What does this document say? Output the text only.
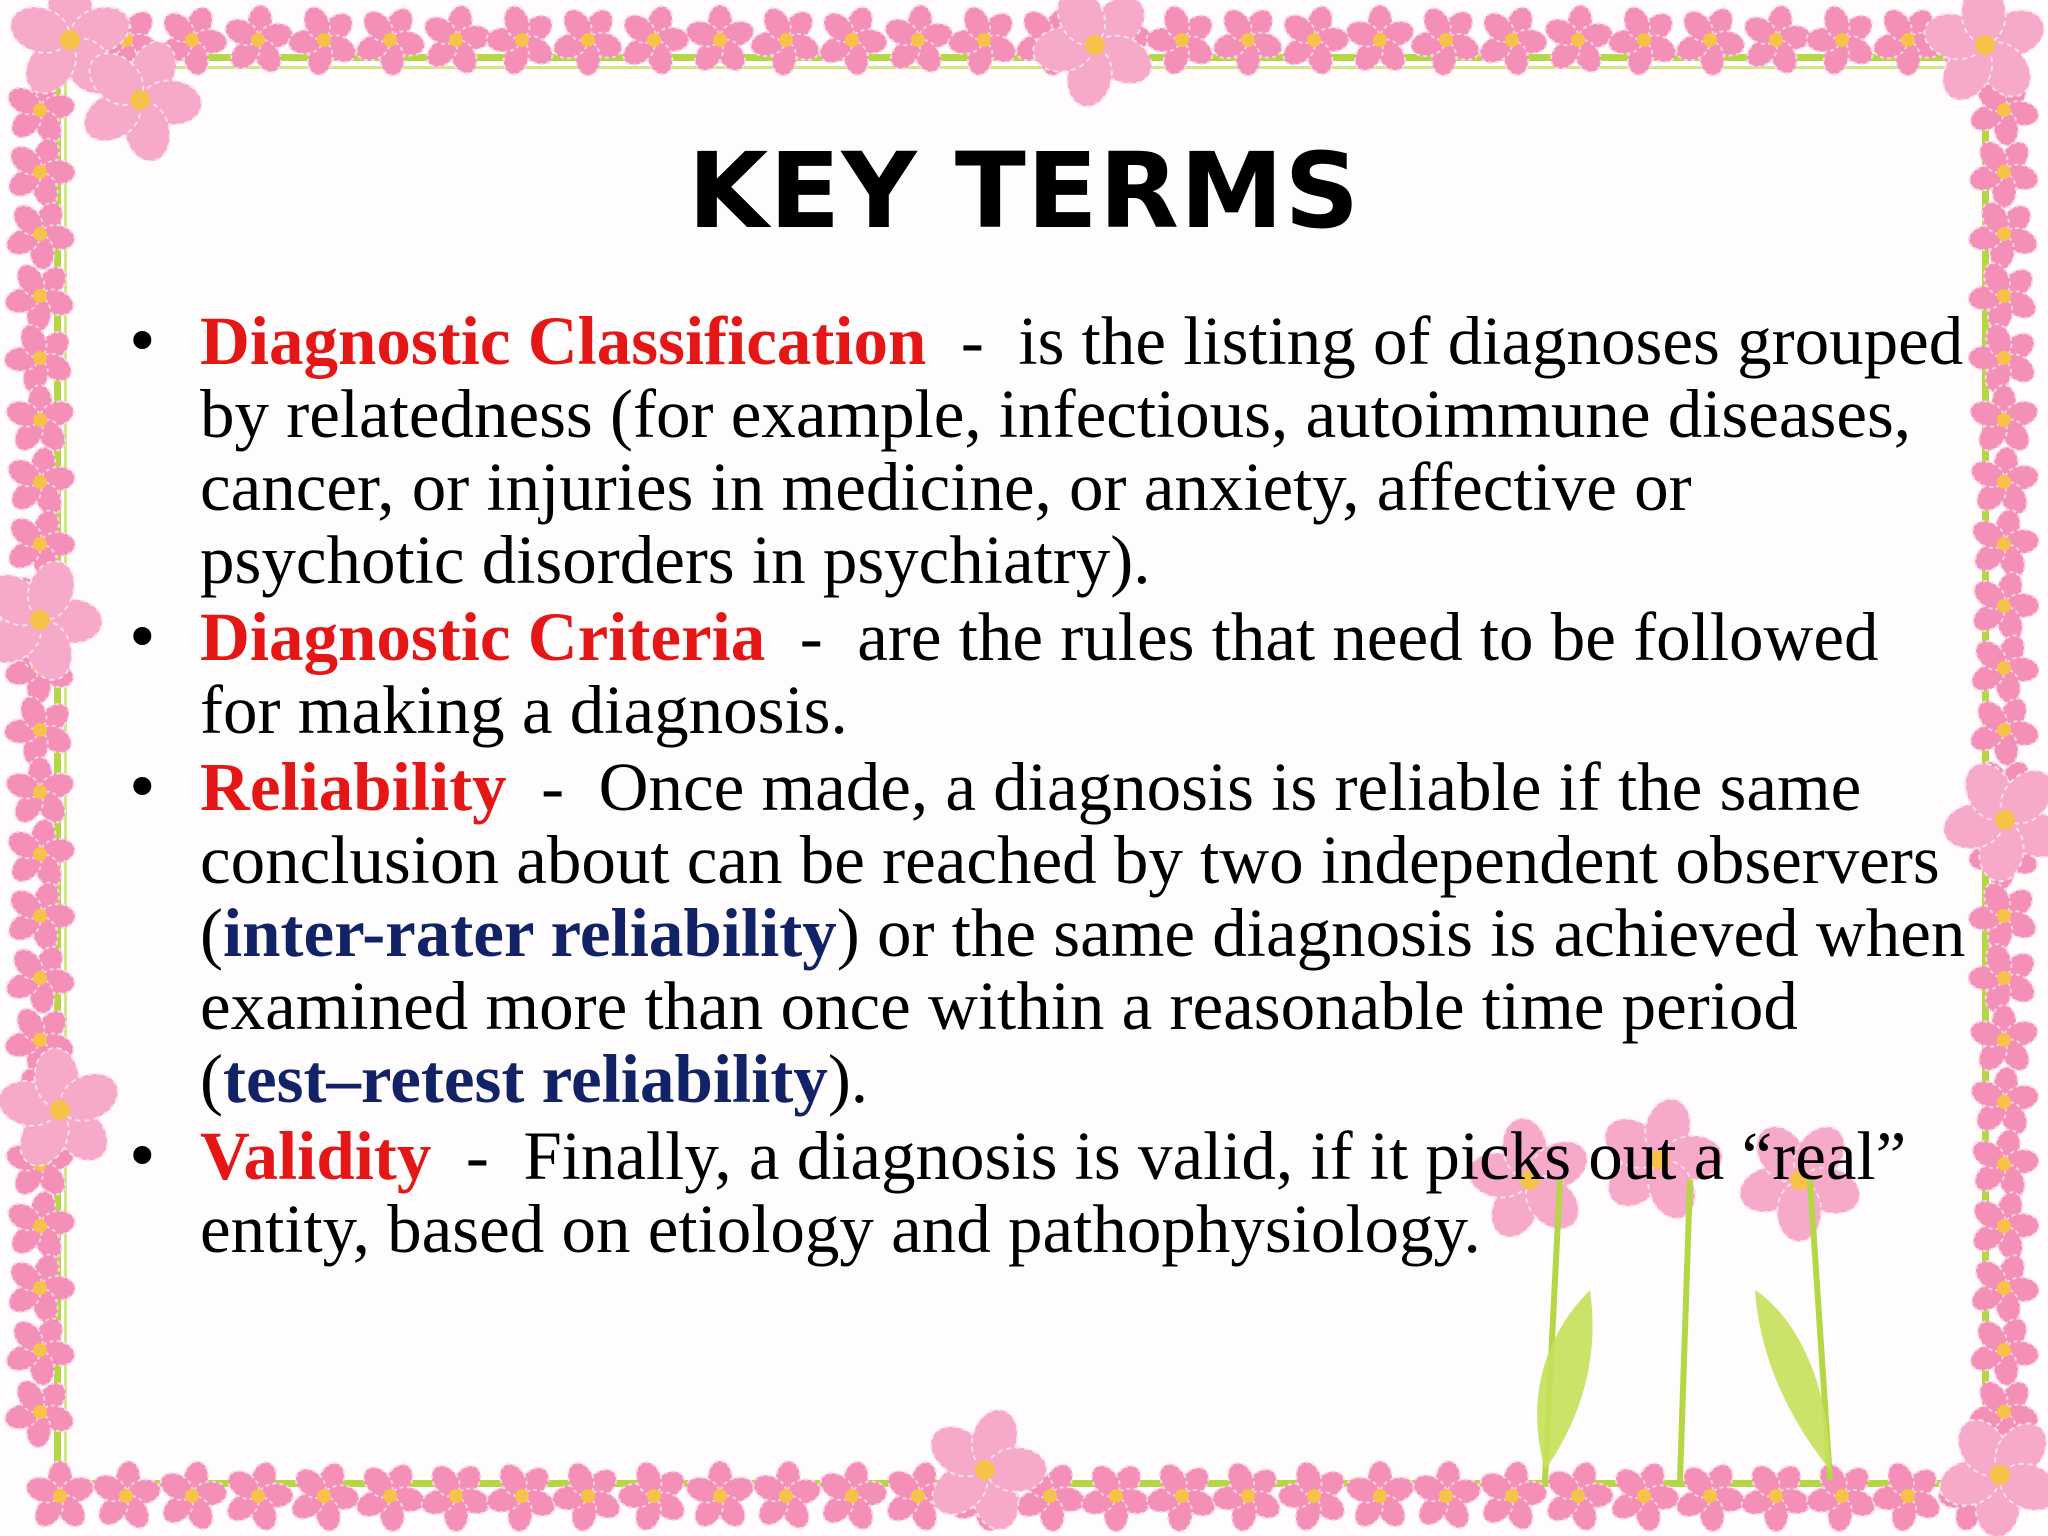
KEY TERMS
• Diagnostic Classification  -  is the listing of diagnoses grouped by relatedness (for example, infectious, autoimmune diseases, cancer, or injuries in medicine, or anxiety, affective or psychotic disorders in psychiatry).
• Diagnostic Criteria  -  are the rules that need to be followed for making a diagnosis.
• Reliability  -  Once made, a diagnosis is reliable if the same conclusion about can be reached by two independent observers (inter-rater reliability) or the same diagnosis is achieved when examined more than once within a reasonable time period (test–retest reliability).
• Validity  -  Finally, a diagnosis is valid, if it picks out a “real” entity, based on etiology and pathophysiology.
